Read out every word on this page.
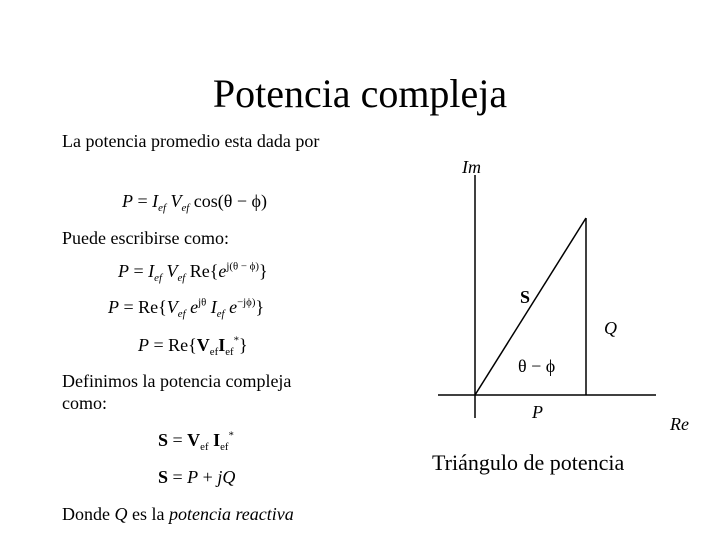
Potencia compleja
La potencia promedio esta dada por
$P = I_{ef}$ $V_{ef}$ cos(θ − ϕ)
Puede escribirse como:
$P = I_{ef}$ $V_{ef}$ $Re\{e^{j(\theta - \phi)}\}$
$P = Re\{V_{ef}$ $e^{j\theta}$ $I_{ef}$ $e^{-j\phi)}$}
$P = Re\{V_{ef}I_{ef}^*\}$
Definimos la potencia compleja como:
$S = V_{ef}$ $I_{ef}^*$
S = P + jQ
Donde Q es la potencia reactiva
Im
S
Q
θ − ϕ
P
Re
Triángulo de potencia
